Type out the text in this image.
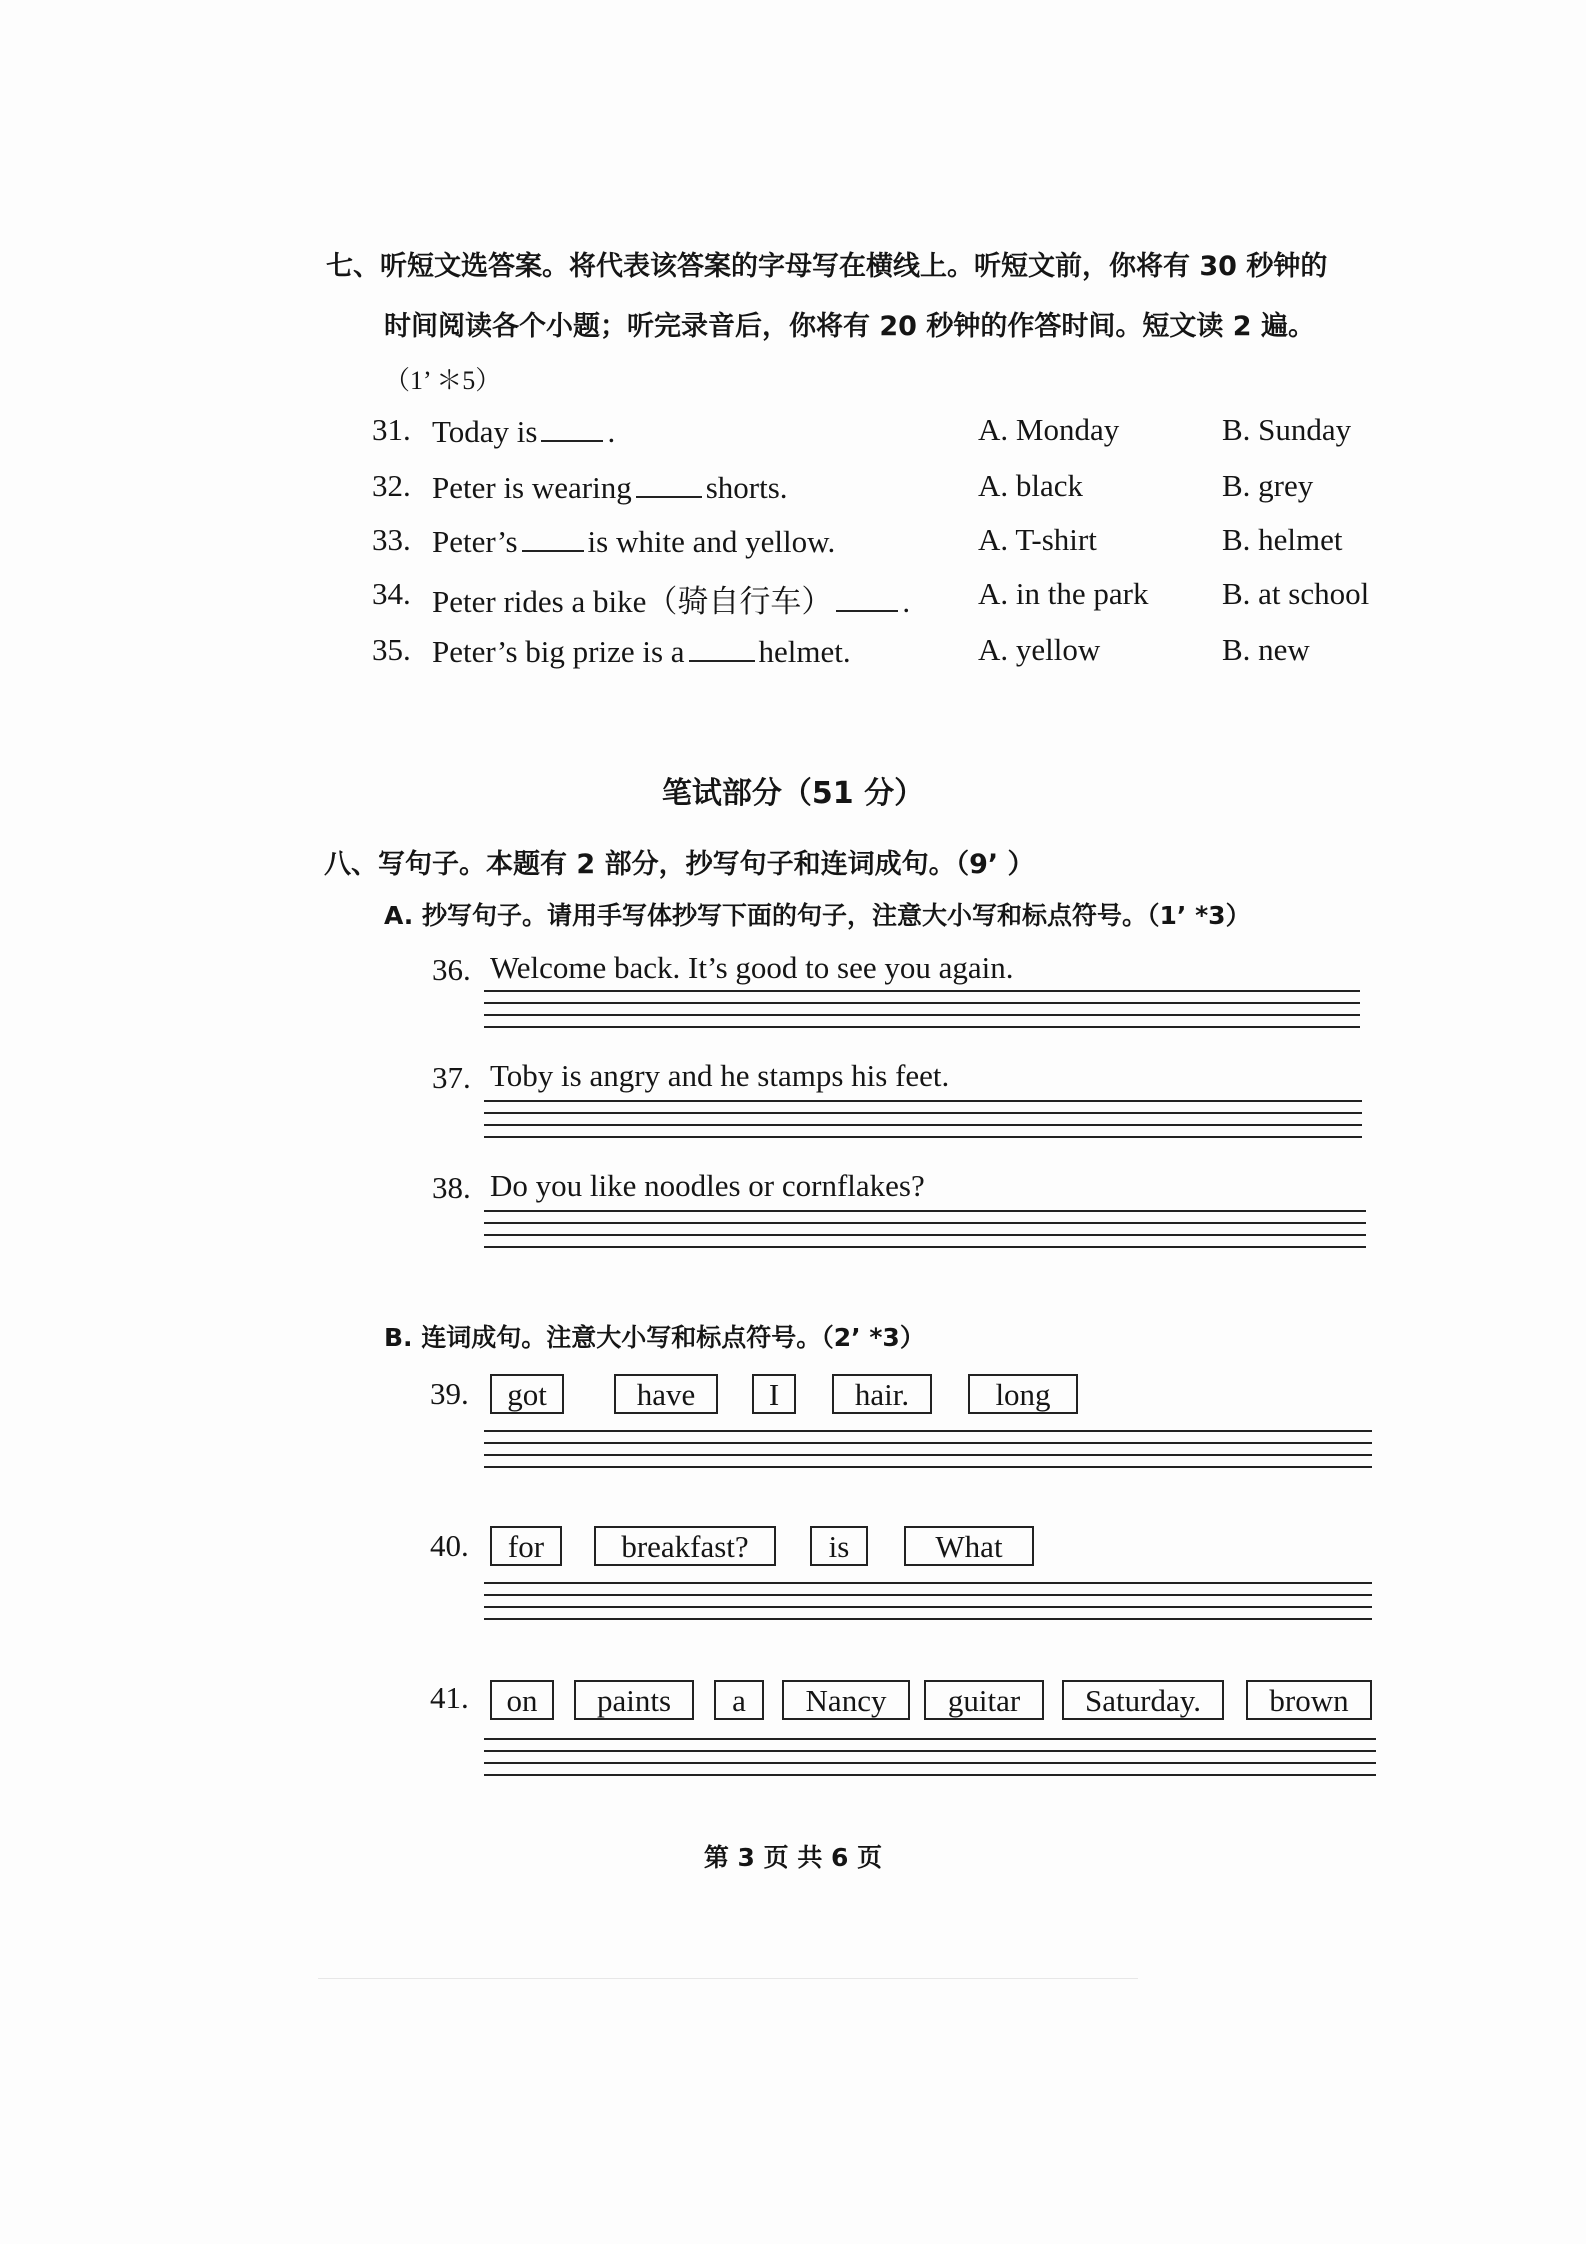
七、听短文选答案。将代表该答案的字母写在横线上。听短文前，你将有 30 秒钟的
时间阅读各个小题；听完录音后，你将有 20 秒钟的作答时间。短文读 2 遍。
（1’ ＊5）
31. Today is .	A. Monday	B. Sunday
32. Peter is wearing shorts.	A. black	B. grey
33. Peter’s is white and yellow.	A. T-shirt	B. helmet
34. Peter rides a bike（骑自行车） . A. in the park B. at school
35. Peter’s big prize is a helmet.	A. yellow	B. new
笔试部分（51 分）
八、写句子。本题有 2 部分，抄写句子和连词成句。（9’ ）
A. 抄写句子。请用手写体抄写下面的句子，注意大小写和标点符号。（1’ *3）
36. Welcome back. It’s good to see you again.
37. Toby is angry and he stamps his feet.
38. Do you like noodles or cornflakes?
B. 连词成句。注意大小写和标点符号。（2’ *3）
39.	got	have	I	hair.	long
40.	for	breakfast?	is	What
41.	on	paints	a	Nancy	guitar	Saturday.	brown
第 3 页 共 6 页
